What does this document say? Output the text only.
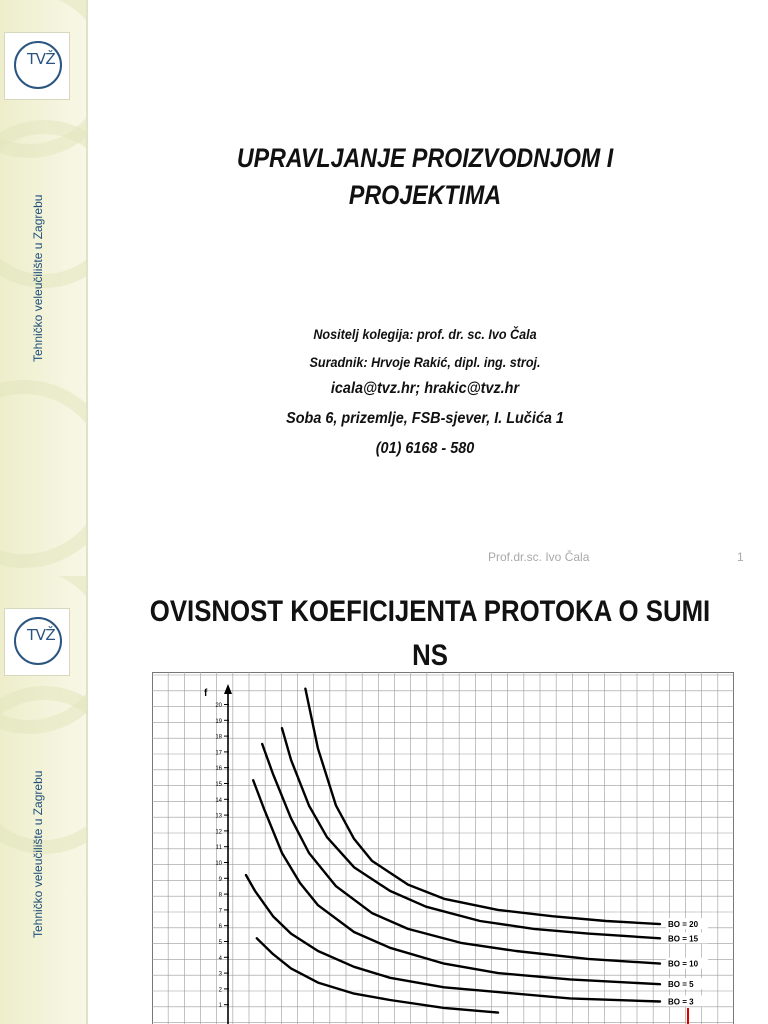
TVŽ
Tehničko veleučilište u Zagrebu
UPRAVLJANJE PROIZVODNJOM I
PROJEKTIMA
Nositelj kolegija: prof. dr. sc. Ivo Čala
Suradnik: Hrvoje Rakić, dipl. ing. stroj.
icala@tvz.hr; hrakic@tvz.hr
Soba 6, prizemlje, FSB-sjever, I. Lučića 1
(01) 6168 - 580
Prof.dr.sc. Ivo Čala	1
TVŽ
Tehničko veleučilište u Zagrebu
OVISNOST KOEFICIJENTA PROTOKA O SUMI NS
f
1
2
3
4
5
6
7
8
9
10
11
12
13
14
15
16
17
18
19
20
BO = 20
BO = 15
BO = 10
BO = 5
BO = 3
